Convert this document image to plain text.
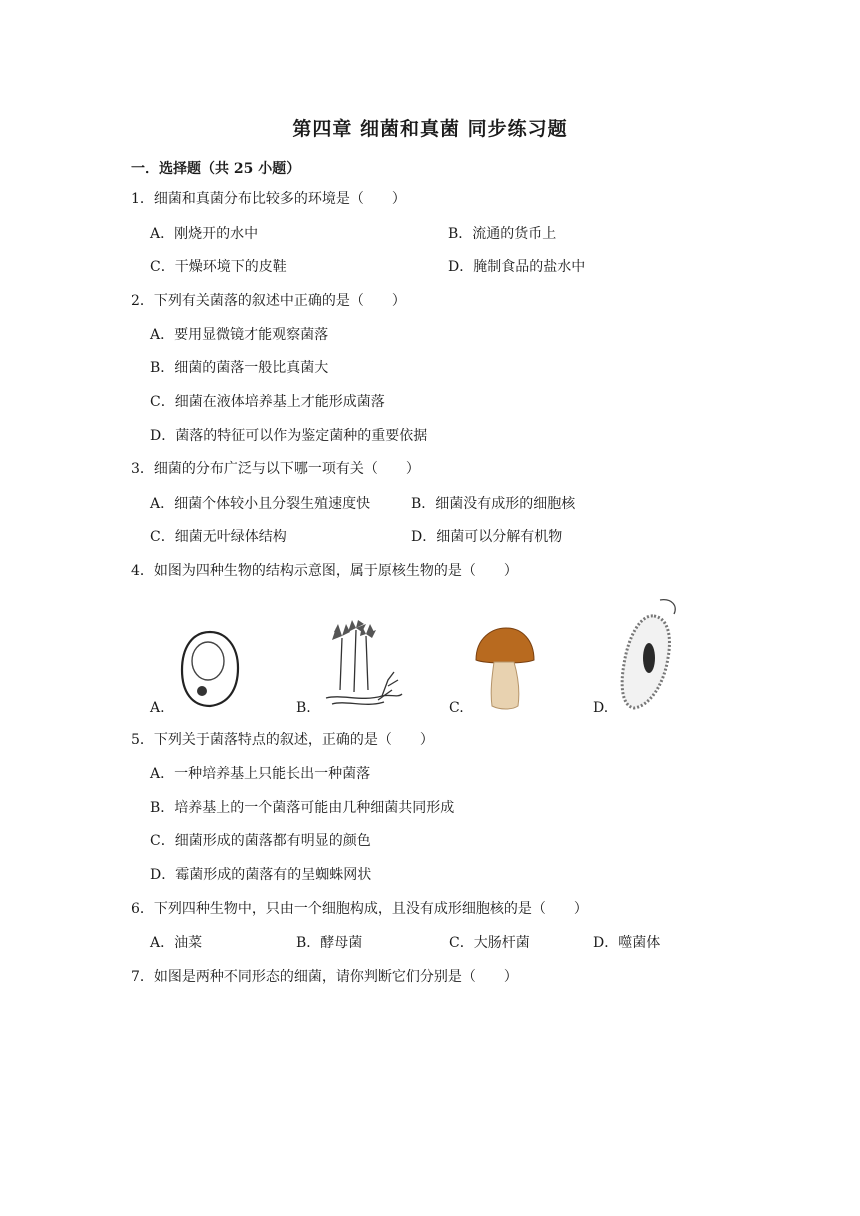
第四章 细菌和真菌 同步练习题
一．选择题（共 25 小题）
1．细菌和真菌分布比较多的环境是（　　）
A．刚烧开的水中	B．流通的货币上
C．干燥环境下的皮鞋	D．腌制食品的盐水中
2．下列有关菌落的叙述中正确的是（　　）
A．要用显微镜才能观察菌落
B．细菌的菌落一般比真菌大
C．细菌在液体培养基上才能形成菌落
D．菌落的特征可以作为鉴定菌种的重要依据
3．细菌的分布广泛与以下哪一项有关（　　）
A．细菌个体较小且分裂生殖速度快	B．细菌没有成形的细胞核
C．细菌无叶绿体结构	D．细菌可以分解有机物
4．如图为四种生物的结构示意图，属于原核生物的是（　　）
A.	B.	C.	D.
5．下列关于菌落特点的叙述，正确的是（　　）
A．一种培养基上只能长出一种菌落
B．培养基上的一个菌落可能由几种细菌共同形成
C．细菌形成的菌落都有明显的颜色
D．霉菌形成的菌落有的呈蜘蛛网状
6．下列四种生物中，只由一个细胞构成，且没有成形细胞核的是（　　）
A．油菜	B．酵母菌	C．大肠杆菌	D．噬菌体
7．如图是两种不同形态的细菌，请你判断它们分别是（　　）
